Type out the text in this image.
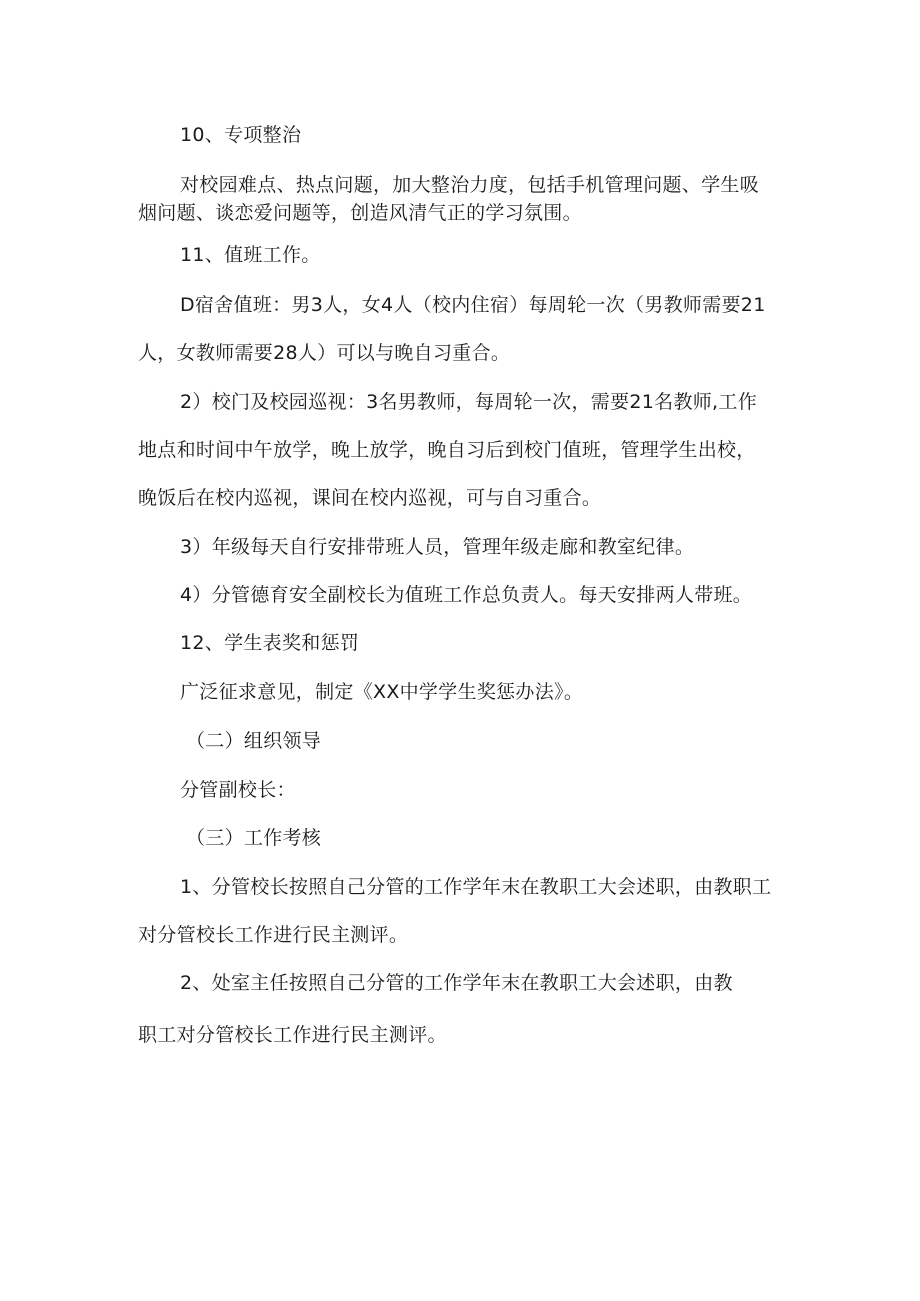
10、专项整治
对校园难点、热点问题，加大整治力度，包括手机管理问题、学生吸
烟问题、谈恋爱问题等，创造风清气正的学习氛围。
11、值班工作。
D宿舍值班：男3人，女4人（校内住宿）每周轮一次（男教师需要21
人，女教师需要28人）可以与晚自习重合。
2）校门及校园巡视：3名男教师，每周轮一次，需要21名教师,工作
地点和时间中午放学，晚上放学，晚自习后到校门值班，管理学生出校，
晚饭后在校内巡视，课间在校内巡视，可与自习重合。
3）年级每天自行安排带班人员，管理年级走廊和教室纪律。
4）分管德育安全副校长为值班工作总负责人。每天安排两人带班。
12、学生表奖和惩罚
广泛征求意见，制定《XX中学学生奖惩办法》。
（二）组织领导
分管副校长：
（三）工作考核
1、分管校长按照自己分管的工作学年末在教职工大会述职，由教职工
对分管校长工作进行民主测评。
2、处室主任按照自己分管的工作学年末在教职工大会述职，由教
职工对分管校长工作进行民主测评。
